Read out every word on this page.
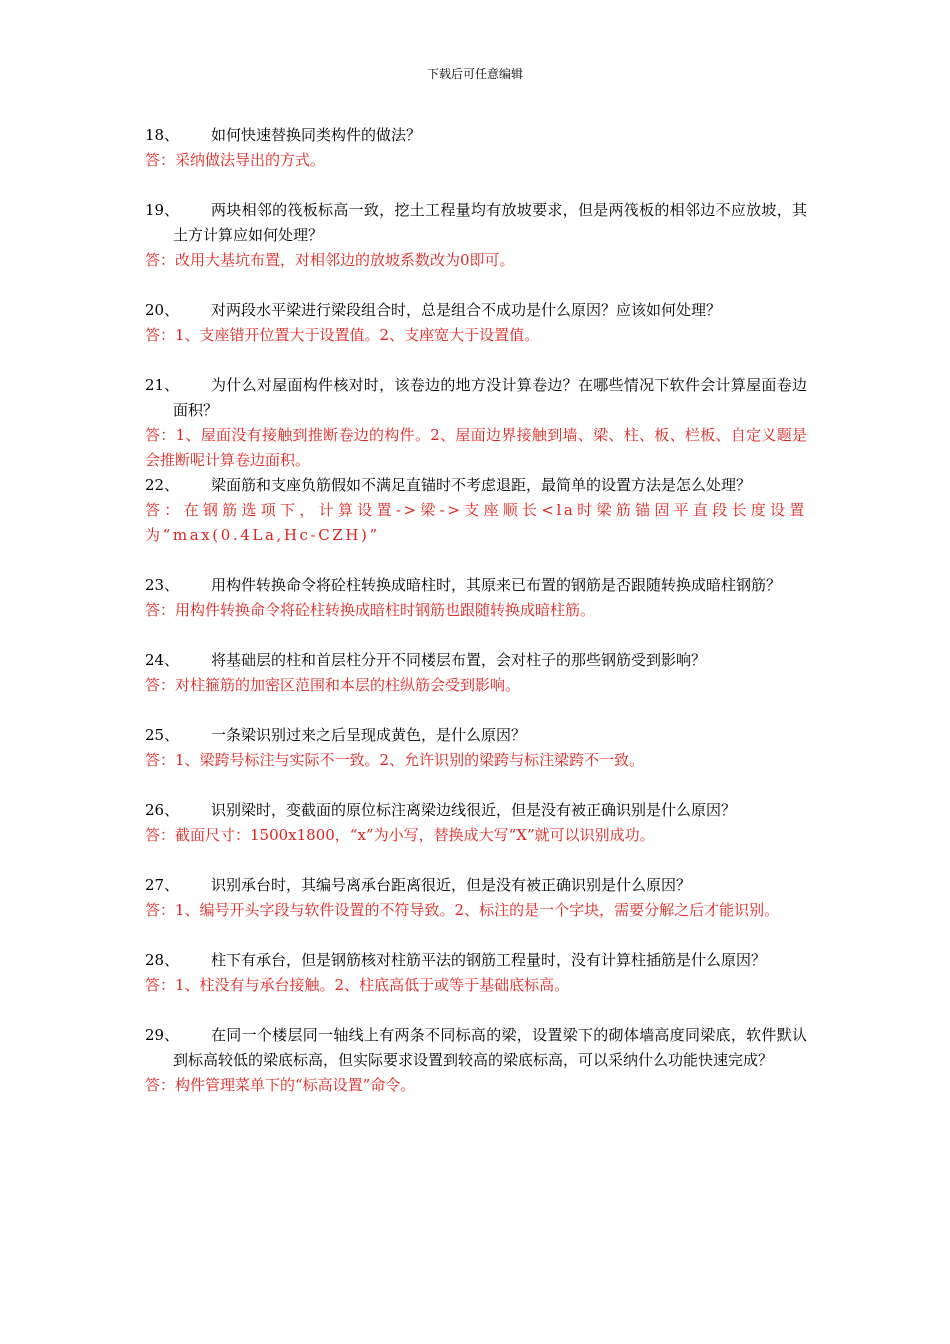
下载后可任意编辑

18、	如何快速替换同类构件的做法？

答：采纳做法导出的方式。

19、	两块相邻的筏板标高一致，挖土工程量均有放坡要求，但是两筏板的相邻边不应放坡，其土方计算应如何处理？

答：改用大基坑布置，对相邻边的放坡系数改为0即可。

20、	对两段水平梁进行梁段组合时，总是组合不成功是什么原因？应该如何处理？

答：1、支座错开位置大于设置值。2、支座宽大于设置值。

21、	为什么对屋面构件核对时，该卷边的地方没计算卷边？在哪些情况下软件会计算屋面卷边面积？

答：1、屋面没有接触到推断卷边的构件。2、屋面边界接触到墙、梁、柱、板、栏板、自定义题是会推断呢计算卷边面积。

22、	梁面筋和支座负筋假如不满足直锚时不考虑退距，最简单的设置方法是怎么处理？

答：在钢筋选项下，计算设置->梁->支座顺长<la时梁筋锚固平直段长度设置为“max(0.4La,Hc-CZH)”

23、	用构件转换命令将砼柱转换成暗柱时，其原来已布置的钢筋是否跟随转换成暗柱钢筋？

答：用构件转换命令将砼柱转换成暗柱时钢筋也跟随转换成暗柱筋。

24、	将基础层的柱和首层柱分开不同楼层布置，会对柱子的那些钢筋受到影响？

答：对柱箍筋的加密区范围和本层的柱纵筋会受到影响。

25、	一条梁识别过来之后呈现成黄色，是什么原因？

答：1、梁跨号标注与实际不一致。2、允许识别的梁跨与标注梁跨不一致。

26、	识别梁时，变截面的原位标注离梁边线很近，但是没有被正确识别是什么原因？

答：截面尺寸：1500x1800，“x”为小写，替换成大写“X”就可以识别成功。

27、	识别承台时，其编号离承台距离很近，但是没有被正确识别是什么原因？

答：1、编号开头字段与软件设置的不符导致。2、标注的是一个字块，需要分解之后才能识别。

28、	柱下有承台，但是钢筋核对柱筋平法的钢筋工程量时，没有计算柱插筋是什么原因？

答：1、柱没有与承台接触。2、柱底高低于或等于基础底标高。

29、	在同一个楼层同一轴线上有两条不同标高的梁，设置梁下的砌体墙高度同梁底，软件默认到标高较低的梁底标高，但实际要求设置到较高的梁底标高，可以采纳什么功能快速完成？

答：构件管理菜单下的“标高设置”命令。
